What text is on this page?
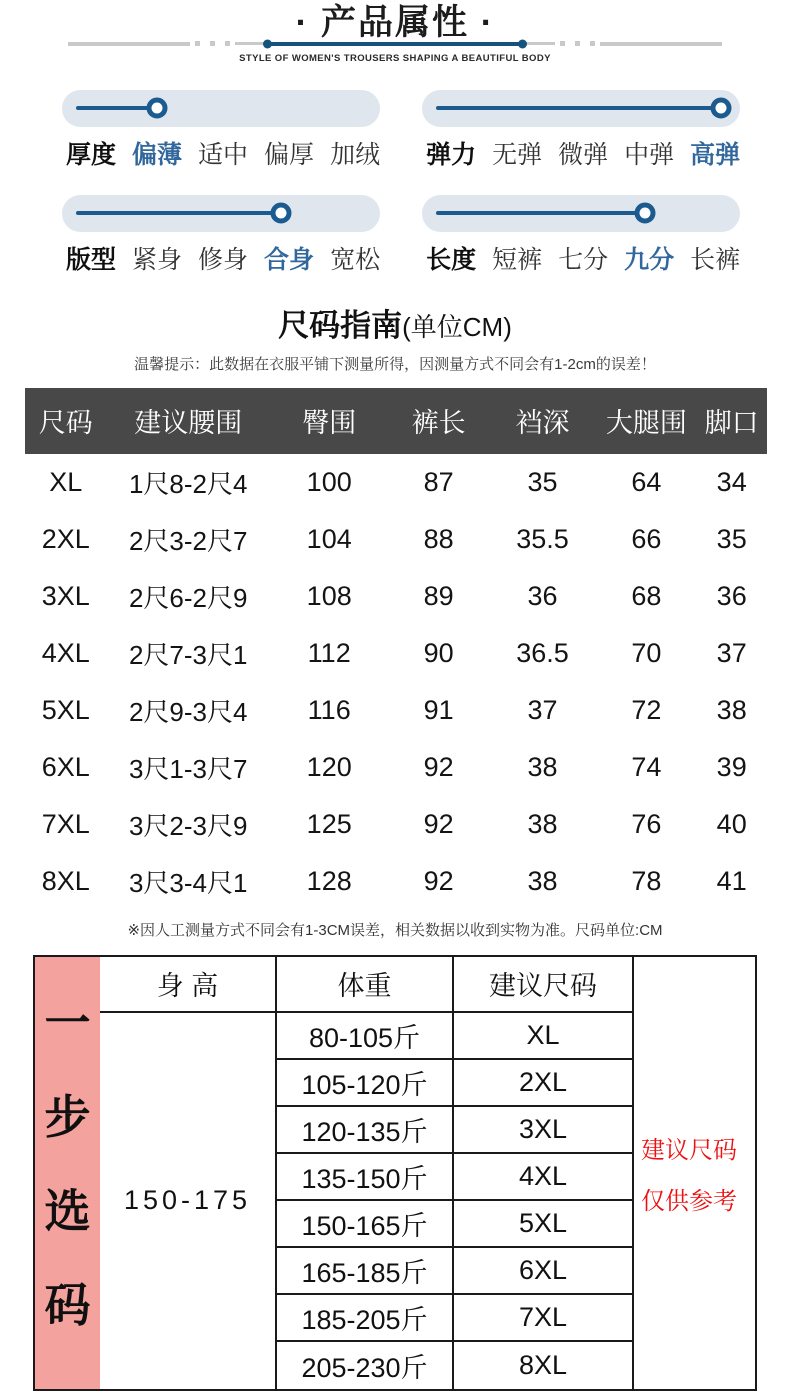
· 产品属性 ·
STYLE OF WOMEN'S TROUSERS SHAPING A BEAUTIFUL BODY
厚度 偏薄 适中 偏厚 加绒 弹力 无弹 微弹 中弹 高弹
版型 紧身 修身 合身 宽松 长度 短裤 七分 九分 长裤
尺码指南(单位CM)
温馨提示：此数据在衣服平铺下测量所得，因测量方式不同会有1-2cm的误差！
尺码	建议腰围	臀围	裤长	裆深	大腿围 脚口
XL	1尺8-2尺4	100	87	35	64	34
2XL	2尺3-2尺7	104	88	35.5	66	35
3XL	2尺6-2尺9	108	89	36	68	36
4XL	2尺7-3尺1	112	90	36.5	70	37
5XL	2尺9-3尺4	116	91	37	72	38
6XL	3尺1-3尺7	120	92	38	74	39
7XL	3尺2-3尺9	125	92	38	76	40
8XL	3尺3-4尺1	128	92	38	78	41
※因人工测量方式不同会有1-3CM误差，相关数据以收到实物为准。尺码单位:CM
一
步
选
码
身 高	体重	建议尺码
150-175
80-105斤	XL
105-120斤	2XL
120-135斤	3XL
135-150斤	4XL
150-165斤	5XL
165-185斤	6XL
185-205斤	7XL
205-230斤	8XL
建议尺码
仅供参考
